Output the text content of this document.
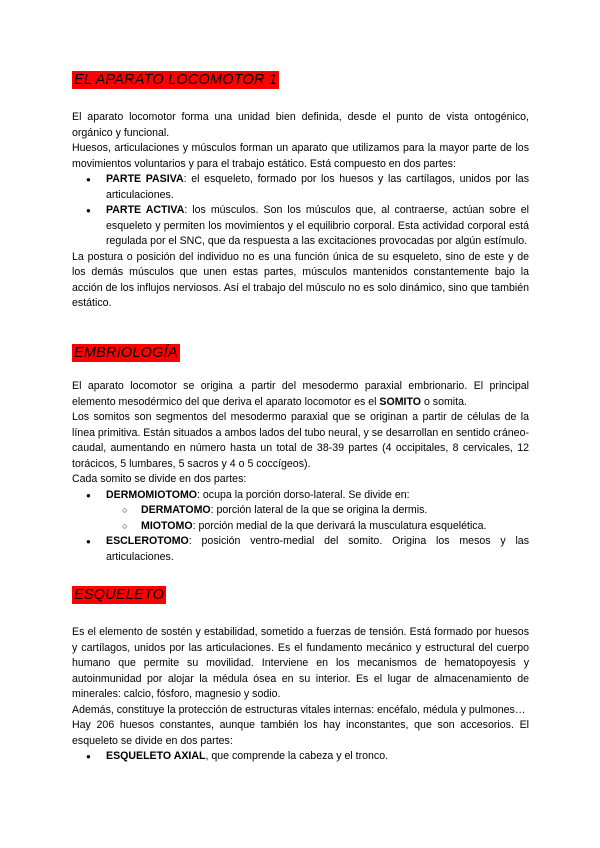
EL APARATO LOCOMOTOR 1

El aparato locomotor forma una unidad bien definida, desde el punto de vista ontogénico, orgánico y funcional.

Huesos, articulaciones y músculos forman un aparato que utilizamos para la mayor parte de los movimientos voluntarios y para el trabajo estático. Está compuesto en dos partes:

● PARTE PASIVA: el esqueleto, formado por los huesos y las cartílagos, unidos por las articulaciones.
● PARTE ACTIVA: los músculos. Son los músculos que, al contraerse, actúan sobre el esqueleto y permiten los movimientos y el equilibrio corporal. Esta actividad corporal está regulada por el SNC, que da respuesta a las excitaciones provocadas por algún estímulo.

La postura o posición del individuo no es una función única de su esqueleto, sino de este y de los demás músculos que unen estas partes, músculos mantenidos constantemente bajo la acción de los influjos nerviosos. Así el trabajo del músculo no es solo dinámico, sino que también estático.

EMBRIOLOGÍA

El aparato locomotor se origina a partir del mesodermo paraxial embrionario. El principal elemento mesodérmico del que deriva el aparato locomotor es el SOMITO o somita.

Los somitos son segmentos del mesodermo paraxial que se originan a partir de células de la línea primitiva. Están situados a ambos lados del tubo neural, y se desarrollan en sentido cráneo-caudal, aumentando en número hasta un total de 38-39 partes (4 occipitales, 8 cervicales, 12 torácicos, 5 lumbares, 5 sacros y 4 o 5 coccígeos).

Cada somito se divide en dos partes:

● DERMOMIOTOMO: ocupa la porción dorso-lateral. Se divide en:
○ DERMATOMO: porción lateral de la que se origina la dermis.
○ MIOTOMO: porción medial de la que derivará la musculatura esquelética.
● ESCLEROTOMO: posición ventro-medial del somito. Origina los mesos y las articulaciones.
ESQUELETO

Es el elemento de sostén y estabilidad, sometido a fuerzas de tensión. Está formado por huesos y cartílagos, unidos por las articulaciones. Es el fundamento mecánico y estructural del cuerpo humano que permite su movilidad. Interviene en los mecanismos de hematopoyesis y autoinmunidad por alojar la médula ósea en su interior. Es el lugar de almacenamiento de minerales: calcio, fósforo, magnesio y sodio.

Además, constituye la protección de estructuras vitales internas: encéfalo, médula y pulmones…

Hay 206 huesos constantes, aunque también los hay inconstantes, que son accesorios. El esqueleto se divide en dos partes:

● ESQUELETO AXIAL, que comprende la cabeza y el tronco.
